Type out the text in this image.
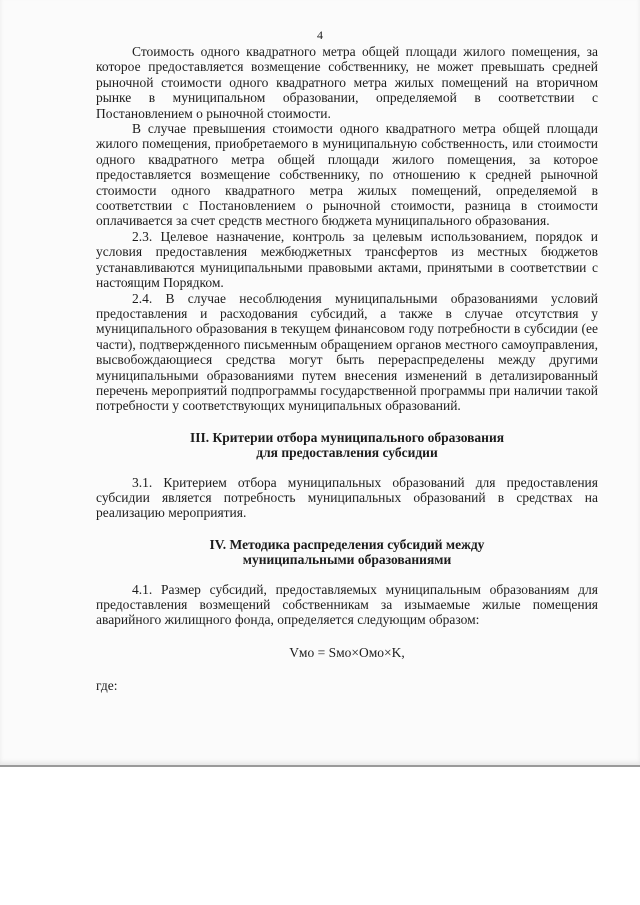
4

Стоимость одного квадратного метра общей площади жилого помещения, за которое предоставляется возмещение собственнику, не может превышать средней рыночной стоимости одного квадратного метра жилых помещений на вторичном рынке в муниципальном образовании, определяемой в соответствии с Постановлением о рыночной стоимости.

В случае превышения стоимости одного квадратного метра общей площади жилого помещения, приобретаемого в муниципальную собственность, или стоимости одного квадратного метра общей площади жилого помещения, за которое предоставляется возмещение собственнику, по отношению к средней рыночной стоимости одного квадратного метра жилых помещений, определяемой в соответствии с Постановлением о рыночной стоимости, разница в стоимости оплачивается за счет средств местного бюджета муниципального образования.

2.3. Целевое назначение, контроль за целевым использованием, порядок и условия предоставления межбюджетных трансфертов из местных бюджетов устанавливаются муниципальными правовыми актами, принятыми в соответствии с настоящим Порядком.

2.4. В случае несоблюдения муниципальными образованиями условий предоставления и расходования субсидий, а также в случае отсутствия у муниципального образования в текущем финансовом году потребности в субсидии (ее части), подтвержденного письменным обращением органов местного самоуправления, высвобождающиеся средства могут быть перераспределены между другими муниципальными образованиями путем внесения изменений в детализированный перечень мероприятий подпрограммы государственной программы при наличии такой потребности у соответствующих муниципальных образований.

III. Критерии отбора муниципального образования
для предоставления субсидии

3.1. Критерием отбора муниципальных образований для предоставления субсидии является потребность муниципальных образований в средствах на реализацию мероприятия.

IV. Методика распределения субсидий между
муниципальными образованиями

4.1. Размер субсидий, предоставляемых муниципальным образованиям для предоставления возмещений собственникам за изымаемые жилые помещения аварийного жилищного фонда, определяется следующим образом:

Vмо = Sмо×Омо×K,

где:
